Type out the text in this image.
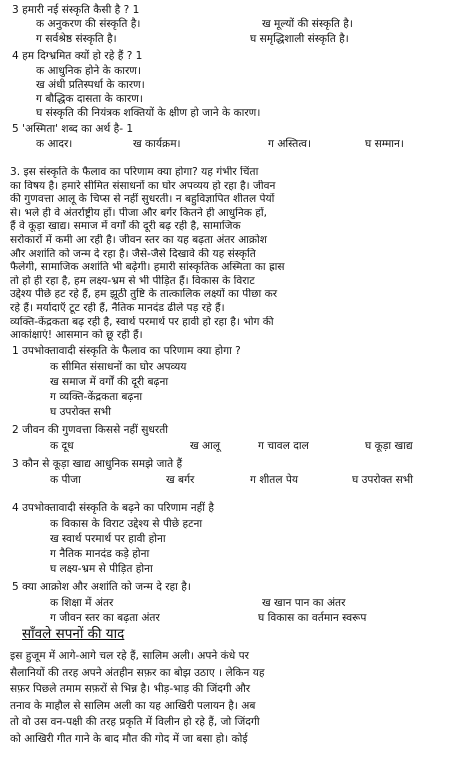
3 हमारी नई संस्कृति कैसी है ? 1
क अनुकरण की संस्कृति है।	ख मूल्यों की संस्कृति है।
ग सर्वश्रेष्ठ संस्कृति है।	घ समृद्धिशाली संस्कृति है।
4 हम दिग्भ्रमित क्यों हो रहे हैं ? 1
क आधुनिक होने के कारण।
ख अंधी प्रतिस्पर्धा के कारण।
ग बौद्धिक दासता के कारण।
घ संस्कृति की नियंत्रक शक्तियों के क्षीण हो जाने के कारण।
5 'अस्मिता' शब्द का अर्थ है- 1
क आदर।	ख कार्यक्रम।	ग अस्तित्व।	घ सम्मान।
3. इस संस्कृति के फैलाव का परिणाम क्या होगा? यह गंभीर चिंता
का विषय है। हमारे सीमित संसाधनों का घोर अपव्यय हो रहा है। जीवन
की गुणवत्ता आलू के चिप्स से नहीं सुधरती। न बहुविज्ञापित शीतल पेयों
से। भले ही वे अंतर्राष्ट्रीय हों। पीजा और बर्गर कितने ही आधुनिक हों,
हैं वे कूड़ा खाद्य। समाज में वर्गों की दूरी बढ़ रही है, सामाजिक
सरोकारों में कमी आ रही है। जीवन स्तर का यह बढ़ता अंतर आक्रोश
और अशांति को जन्म दे रहा है। जैसे-जैसे दिखावे की यह संस्कृति
फैलेगी, सामाजिक अशांति भी बढ़ेगी। हमारी सांस्कृतिक अस्मिता का ह्रास
तो हो ही रहा है, हम लक्ष्य-भ्रम से भी पीड़ित हैं। विकास के विराट
उद्देश्य पीछे हट रहे हैं, हम झूठी तुष्टि के तात्कालिक लक्ष्यों का पीछा कर
रहे हैं। मर्यादाएँ टूट रही हैं, नैतिक मानदंड ढीले पड़ रहे हैं।
व्यक्ति-केंद्रकता बढ़ रही है, स्वार्थ परमार्थ पर हावी हो रहा है। भोग की
आकांक्षाएं! आसमान को छू रही हैं।
1 उपभोक्तावादी संस्कृति के फैलाव का परिणाम क्या होगा ?
क सीमित संसाधनों का घोर अपव्यय
ख समाज में वर्गों की दूरी बढ़ना
ग व्यक्ति-केंद्रकता बढ़ना
घ उपरोक्त सभी
2 जीवन की गुणवत्ता किससे नहीं सुधरती
क दूध	ख आलू	ग चावल दाल	घ कूड़ा खाद्य
3 कौन से कूड़ा खाद्य आधुनिक समझे जाते हैं
क पीजा	ख बर्गर	ग शीतल पेय	घ उपरोक्त सभी
4 उपभोक्तावादी संस्कृति के बढ़ने का परिणाम नहीं है
क विकास के विराट उद्देश्य से पीछे हटना
ख स्वार्थ परमार्थ पर हावी होना
ग नैतिक मानदंड कड़े होना
घ लक्ष्य-भ्रम से पीड़ित होना
5 क्या आक्रोश और अशांति को जन्म दे रहा है।
क शिक्षा में अंतर	ख खान पान का अंतर
ग जीवन स्तर का बढ़ता अंतर	घ विकास का वर्तमान स्वरूप
साँवले सपनों की याद
इस हुजूम में आगे-आगे चल रहे हैं, सालिम अली। अपने कंधे पर
सैलानियों की तरह अपने अंतहीन सफ़र का बोझ उठाए । लेकिन यह
सफ़र पिछले तमाम सफ़रों से भिन्न है। भीड़-भाड़ की जिंदगी और
तनाव के माहौल से सालिम अली का यह आखिरी पलायन है। अब
तो वो उस वन-पक्षी की तरह प्रकृति में विलीन हो रहे हैं, जो जिंदगी
को आखिरी गीत गाने के बाद मौत की गोद में जा बसा हो। कोई
